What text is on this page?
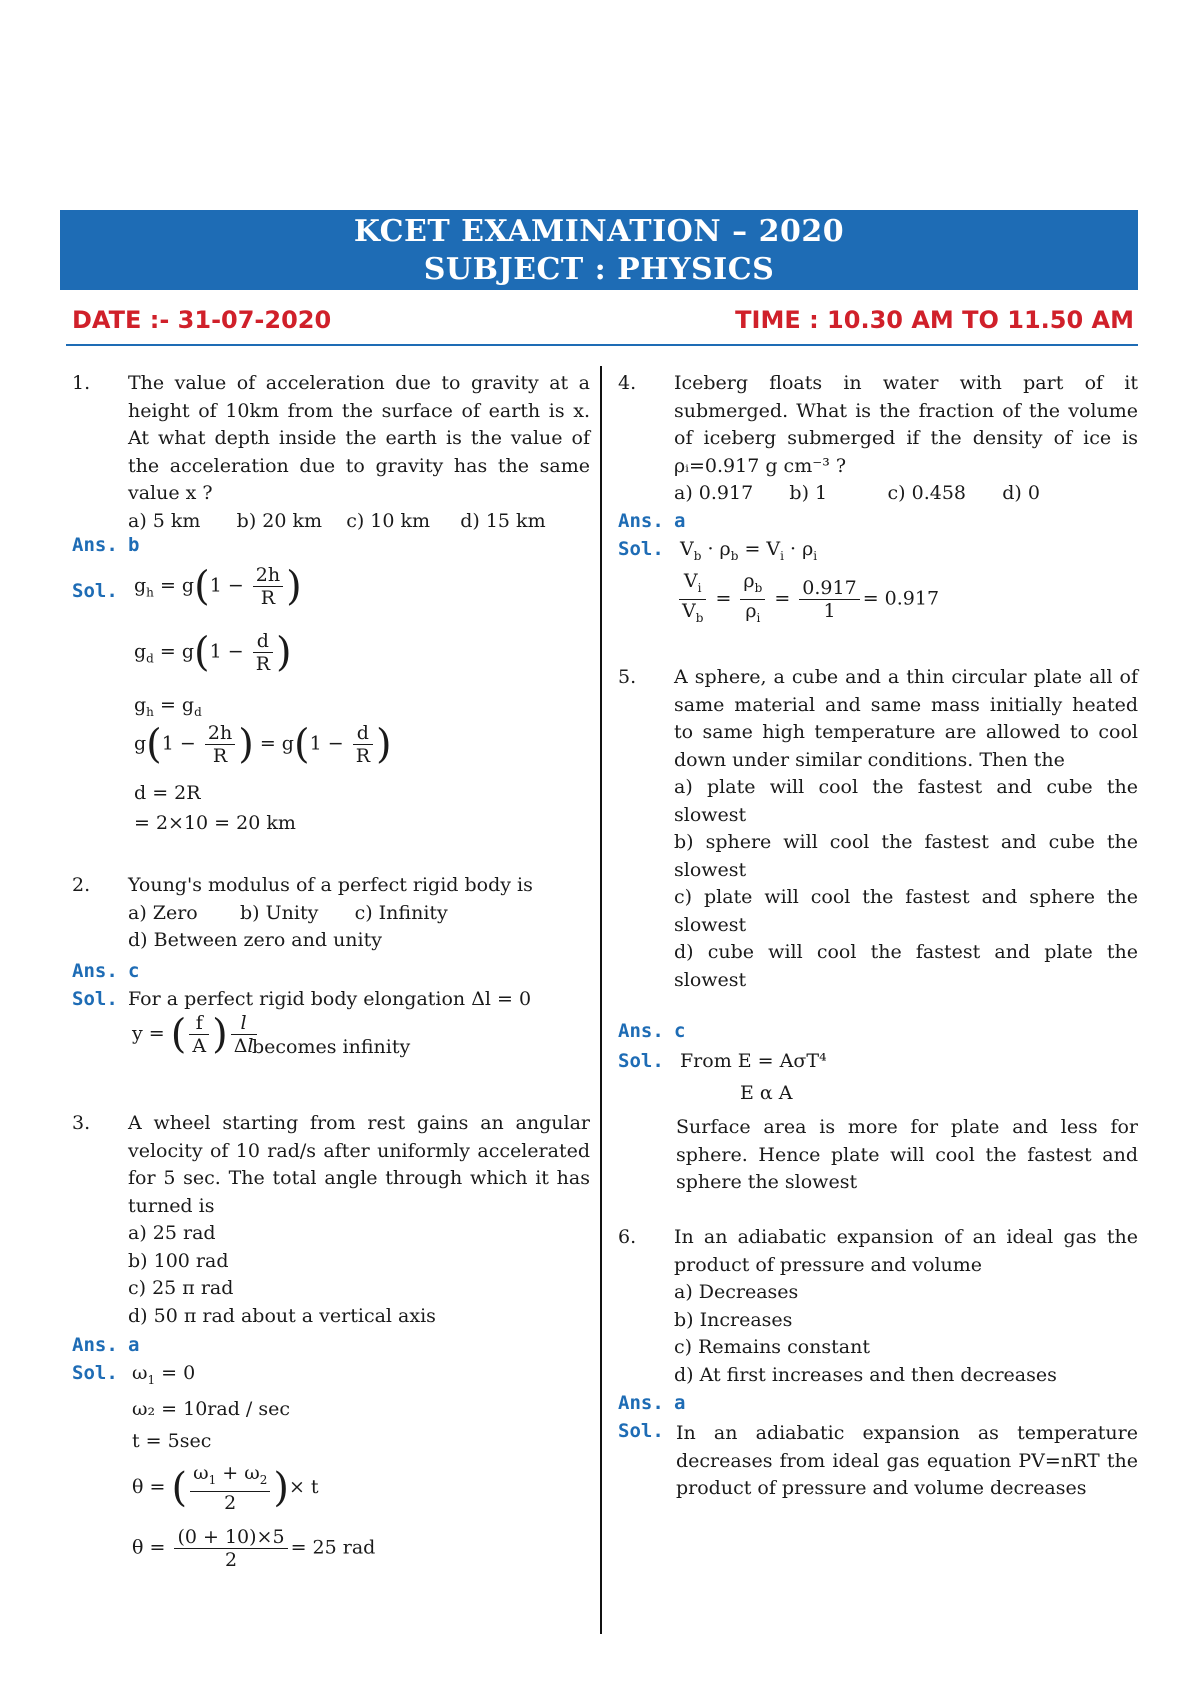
KCET EXAMINATION – 2020
SUBJECT : PHYSICS
DATE :- 31-07-2020	TIME : 10.30 AM TO 11.50 AM
1. The value of acceleration due to gravity at a height of 10km from the surface of earth is x. At what depth inside the earth is the value of the acceleration due to gravity has the same value x ?
a) 5 km      b) 20 km    c) 10 km     d) 15 km
Ans. b
Sol. $g_h = g(1 - \frac{2h}{R}$ )
$g_d = g(1 - \frac{d}{R}$ )
$g_h = g_d$
$g(1 - \frac{2h}{R}$ ) = $g(1 - \frac{d}{R}$ )
d = 2R
= 2×10 = 20 km
2. Young's modulus of a perfect rigid body is
a) Zero       b) Unity      c) Infinity
d) Between zero and unity
Ans. c
Sol. For a perfect rigid body elongation Δl = 0
y = ( $\frac{f}{A}$ ) $\frac{l}{\Delta l}$
becomes infinity
3. A wheel starting from rest gains an angular velocity of 10 rad/s after uniformly accelerated for 5 sec. The total angle through which it has turned is
a) 25 rad
b) 100 rad
c) 25 π rad
d) 50 π rad about a vertical axis
Ans. a
Sol. $\omega_1 = 0$
ω₂ = 10rad / sec
t = 5sec
θ = ( $\frac{\omega_1 + \omega_2}{2}$ )× t
$\theta = \frac{(0 + 10)\times 5}{2} = 25$ rad
4. Iceberg floats in water with part of it submerged. What is the fraction of the volume of iceberg submerged if the density of ice is ρᵢ=0.917 g cm⁻³ ?
a) 0.917      b) 1          c) 0.458      d) 0
Ans. a
Sol. $V_b \cdot \rho_b = V_i \cdot \rho_i$
$\frac{V_i}{V_b} = \frac{\rho_b}{\rho_i} = \frac{0.917}{1} = 0.917$
5. A sphere, a cube and a thin circular plate all of same material and same mass initially heated to same high temperature are allowed to cool down under similar conditions. Then the
a) plate will cool the fastest and cube the slowest
b) sphere will cool the fastest and cube the slowest
c) plate will cool the fastest and sphere the slowest
d) cube will cool the fastest and plate the slowest
Ans. c
Sol. From E = AσT⁴
E α A
Surface area is more for plate and less for sphere. Hence plate will cool the fastest and sphere the slowest
6. In an adiabatic expansion of an ideal gas the product of pressure and volume
a) Decreases
b) Increases
c) Remains constant
d) At first increases and then decreases
Ans. a
Sol. In an adiabatic expansion as temperature decreases from ideal gas equation PV=nRT the product of pressure and volume decreases
